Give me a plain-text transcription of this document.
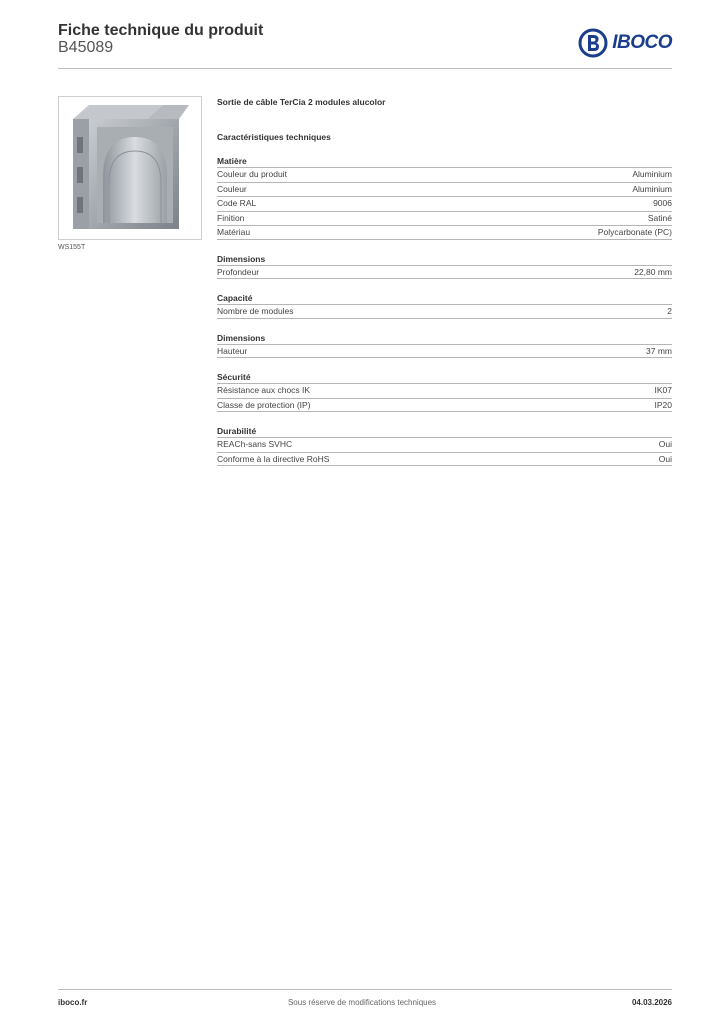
Fiche technique du produit
B45089	IBOCO
WS155T
Sortie de câble TerCia 2 modules alucolor
Caractéristiques techniques
Matière
Couleur du produit	Aluminium
Couleur	Aluminium
Code RAL	9006
Finition	Satiné
Matériau	Polycarbonate (PC)
Dimensions
Profondeur	22,80 mm
Capacité
Nombre de modules	2
Dimensions
Hauteur	37 mm
Sécurité
Résistance aux chocs IK	IK07
Classe de protection (IP)	IP20
Durabilité
REACh-sans SVHC	Oui
Conforme à la directive RoHS	Oui
Sous réserve de modifications techniques
iboco.fr	04.03.2026
